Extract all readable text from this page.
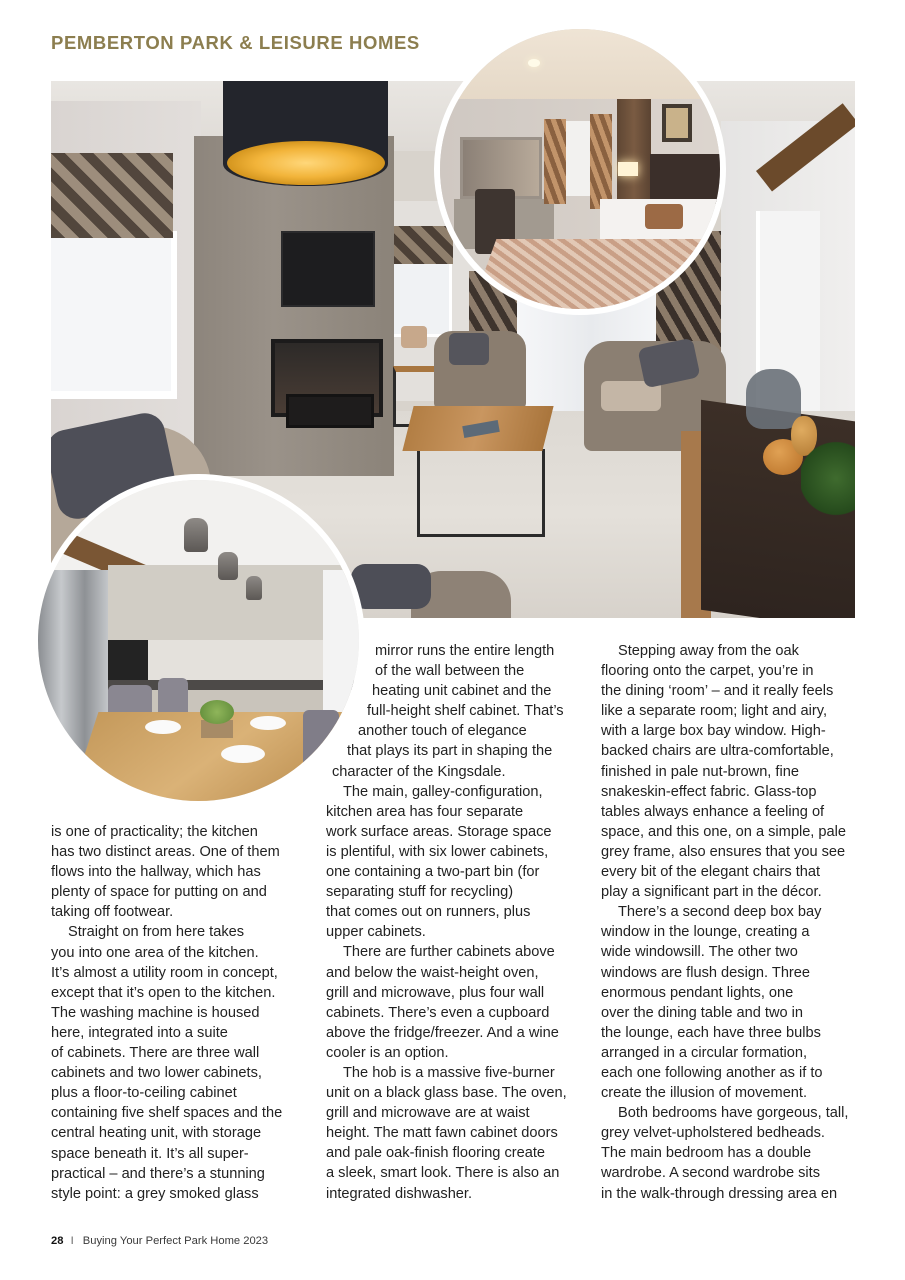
PEMBERTON PARK & LEISURE HOMES

is one of practicality; the kitchen

has two distinct areas. One of them

flows into the hallway, which has

plenty of space for putting on and

taking off footwear.

Straight on from here takes

you into one area of the kitchen.

It’s almost a utility room in concept,

except that it’s open to the kitchen.

The washing machine is housed

here, integrated into a suite

of cabinets. There are three wall

cabinets and two lower cabinets,

plus a floor-to-ceiling cabinet

containing five shelf spaces and the

central heating unit, with storage

space beneath it. It’s all super-

practical – and there’s a stunning

style point: a grey smoked glass

mirror runs the entire length

of the wall between the

heating unit cabinet and the

full-height shelf cabinet. That’s

another touch of elegance

that plays its part in shaping the

character of the Kingsdale.

The main, galley-configuration,

kitchen area has four separate

work surface areas. Storage space

is plentiful, with six lower cabinets,

one containing a two-part bin (for

separating stuff for recycling)

that comes out on runners, plus

upper cabinets.

There are further cabinets above

and below the waist-height oven,

grill and microwave, plus four wall

cabinets. There’s even a cupboard

above the fridge/freezer. And a wine

cooler is an option.

The hob is a massive five-burner

unit on a black glass base. The oven,

grill and microwave are at waist

height. The matt fawn cabinet doors

and pale oak-finish flooring create

a sleek, smart look. There is also an

integrated dishwasher.

Stepping away from the oak

flooring onto the carpet, you’re in

the dining ‘room’ – and it really feels

like a separate room; light and airy,

with a large box bay window. High-

backed chairs are ultra-comfortable,

finished in pale nut-brown, fine

snakeskin-effect fabric. Glass-top

tables always enhance a feeling of

space, and this one, on a simple, pale

grey frame, also ensures that you see

every bit of the elegant chairs that

play a significant part in the décor.

There’s a second deep box bay

window in the lounge, creating a

wide windowsill. The other two

windows are flush design. Three

enormous pendant lights, one

over the dining table and two in

the lounge, each have three bulbs

arranged in a circular formation,

each one following another as if to

create the illusion of movement.

Both bedrooms have gorgeous, tall,

grey velvet-upholstered bedheads.

The main bedroom has a double

wardrobe. A second wardrobe sits

in the walk-through dressing area en

28 I Buying Your Perfect Park Home 2023
